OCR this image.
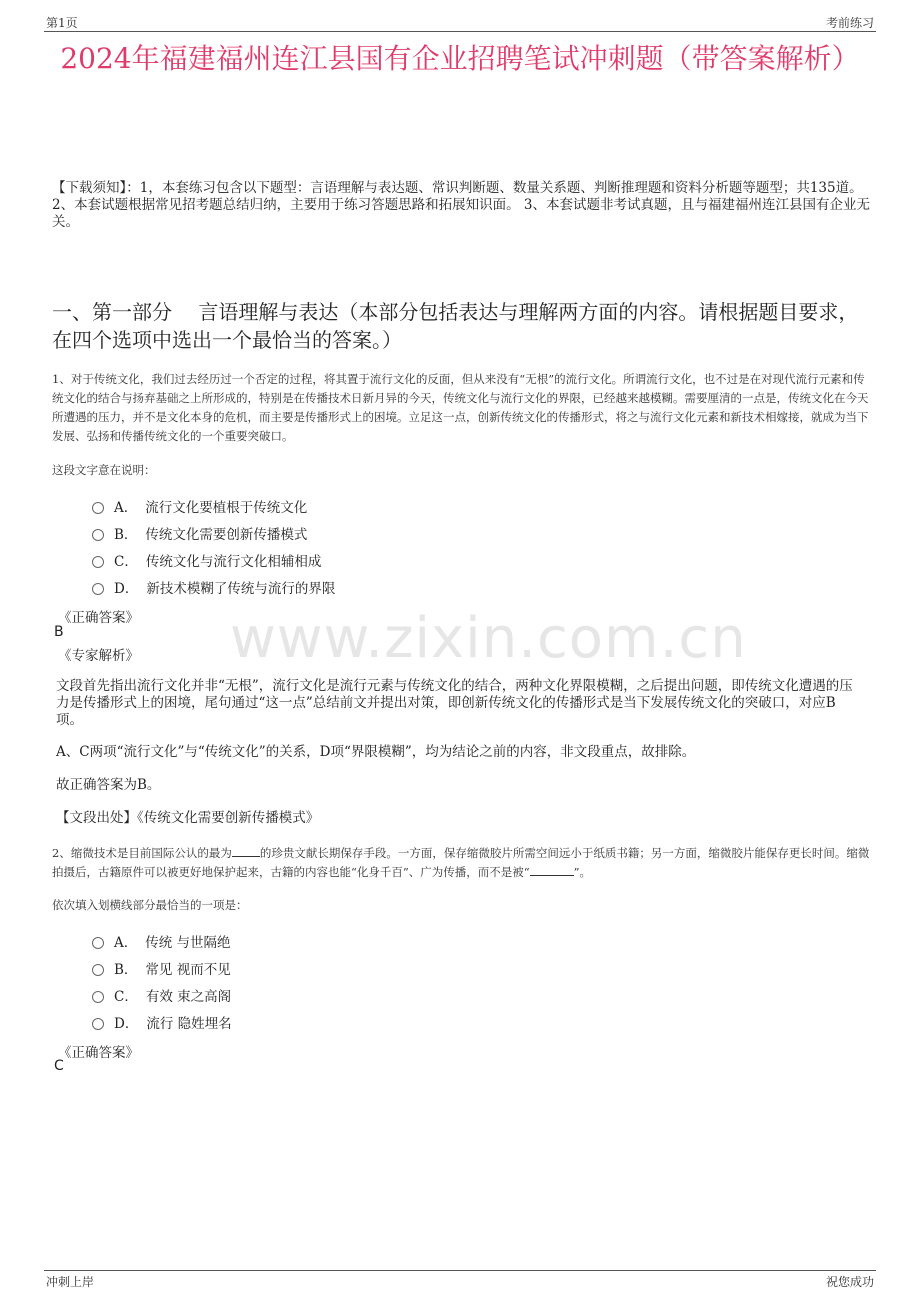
第1页	考前练习
2024年福建福州连江县国有企业招聘笔试冲刺题（带答案解析）
【下载须知】：1，本套练习包含以下题型：言语理解与表达题、常识判断题、数量关系题、判断推理题和资料分析题等题型；共135道。 2、本套试题根据常见招考题总结归纳，主要用于练习答题思路和拓展知识面。 3、本套试题非考试真题，且与福建福州连江县国有企业无关。
一、第一部分　 言语理解与表达（本部分包括表达与理解两方面的内容。请根据题目要求，在四个选项中选出一个最恰当的答案。）
1、对于传统文化，我们过去经历过一个否定的过程，将其置于流行文化的反面，但从来没有“无根”的流行文化。所谓流行文化，也不过是在对现代流行元素和传统文化的结合与扬弃基础之上所形成的，特别是在传播技术日新月异的今天，传统文化与流行文化的界限，已经越来越模糊。需要厘清的一点是，传统文化在今天所遭遇的压力，并不是文化本身的危机，而主要是传播形式上的困境。立足这一点，创新传统文化的传播形式，将之与流行文化元素和新技术相嫁接，就成为当下发展、弘扬和传播传统文化的一个重要突破口。
这段文字意在说明：
A． 流行文化要植根于传统文化
B． 传统文化需要创新传播模式
C． 传统文化与流行文化相辅相成
D． 新技术模糊了传统与流行的界限
www.zixin.com.cn
《正确答案》
B
《专家解析》
文段首先指出流行文化并非“无根”，流行文化是流行元素与传统文化的结合，两种文化界限模糊，之后提出问题，即传统文化遭遇的压力是传播形式上的困境，尾句通过“这一点”总结前文并提出对策，即创新传统文化的传播形式是当下发展传统文化的突破口，对应B项。
A、C两项“流行文化”与“传统文化”的关系，D项“界限模糊”，均为结论之前的内容，非文段重点，故排除。
故正确答案为B。
【文段出处】《传统文化需要创新传播模式》
2、缩微技术是目前国际公认的最为 的珍贵文献长期保存手段。一方面，保存缩微胶片所需空间远小于纸质书籍；另一方面，缩微胶片能保存更长时间。缩微拍摄后，古籍原件可以被更好地保护起来，古籍的内容也能“化身千百”、广为传播，而不是被“	”。
依次填入划横线部分最恰当的一项是：
A． 传统 与世隔绝
B． 常见 视而不见
C． 有效 束之高阁
D． 流行 隐姓埋名
《正确答案》
C
冲刺上岸	祝您成功
